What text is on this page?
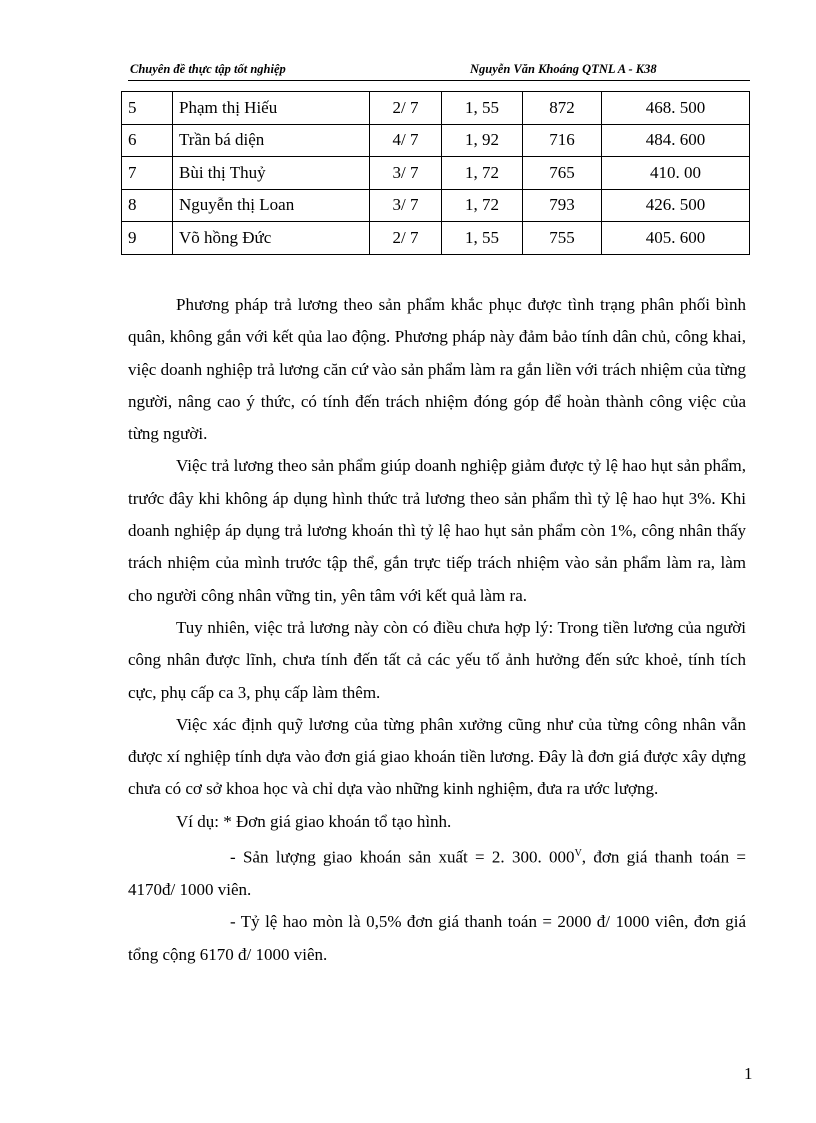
Chuyên đề thực tập tốt nghiệp	Nguyễn Văn Khoáng QTNL A - K38
5	Phạm thị Hiếu	2/ 7	1, 55	872	468. 500
6	Trần bá diện	4/ 7	1, 92	716	484. 600
7	Bùi thị Thuỷ	3/ 7	1, 72	765	410. 00
8	Nguyễn thị Loan	3/ 7	1, 72	793	426. 500
9	Võ hồng Đức	2/ 7	1, 55	755	405. 600

Phương pháp trả lương theo sản phẩm khắc phục được tình trạng phân phối bình quân, không gắn với kết qủa lao động. Phương pháp này đảm bảo tính dân chủ, công khai, việc doanh nghiệp trả lương căn cứ vào sản phẩm làm ra gắn liền với trách nhiệm của từng người, nâng cao ý thức, có tính đến trách nhiệm đóng góp để hoàn thành công việc của từng người.

Việc trả lương theo sản phẩm giúp doanh nghiệp giảm được tỷ lệ hao hụt sản phẩm, trước đây khi không áp dụng hình thức trả lương theo sản phẩm thì tỷ lệ hao hụt 3%. Khi doanh nghiệp áp dụng trả lương khoán thì tỷ lệ hao hụt sản phẩm còn 1%, công nhân thấy trách nhiệm của mình trước tập thể, gắn trực tiếp trách nhiệm vào sản phẩm làm ra, làm cho người công nhân vững tin, yên tâm với kết quả làm ra.

Tuy nhiên, việc trả lương này còn có điều chưa hợp lý: Trong tiền lương của người công nhân được lĩnh, chưa tính đến tất cả các yếu tố ảnh hưởng đến sức khoẻ, tính tích cực, phụ cấp ca 3, phụ cấp làm thêm.

Việc xác định quỹ lương của từng phân xưởng cũng như của từng công nhân vẫn được xí nghiệp tính dựa vào đơn giá giao khoán tiền lương. Đây là đơn giá được xây dựng chưa có cơ sở khoa học và chỉ dựa vào những kinh nghiệm, đưa ra ước lượng.

Ví dụ: * Đơn giá giao khoán tổ tạo hình.

- Sản lượng giao khoán sản xuất = 2. 300. $000^V$, đơn giá thanh toán = 4170đ/ 1000 viên.

- Tỷ lệ hao mòn là 0,5% đơn giá thanh toán = 2000 đ/ 1000 viên, đơn giá tổng cộng 6170 đ/ 1000 viên.

1
